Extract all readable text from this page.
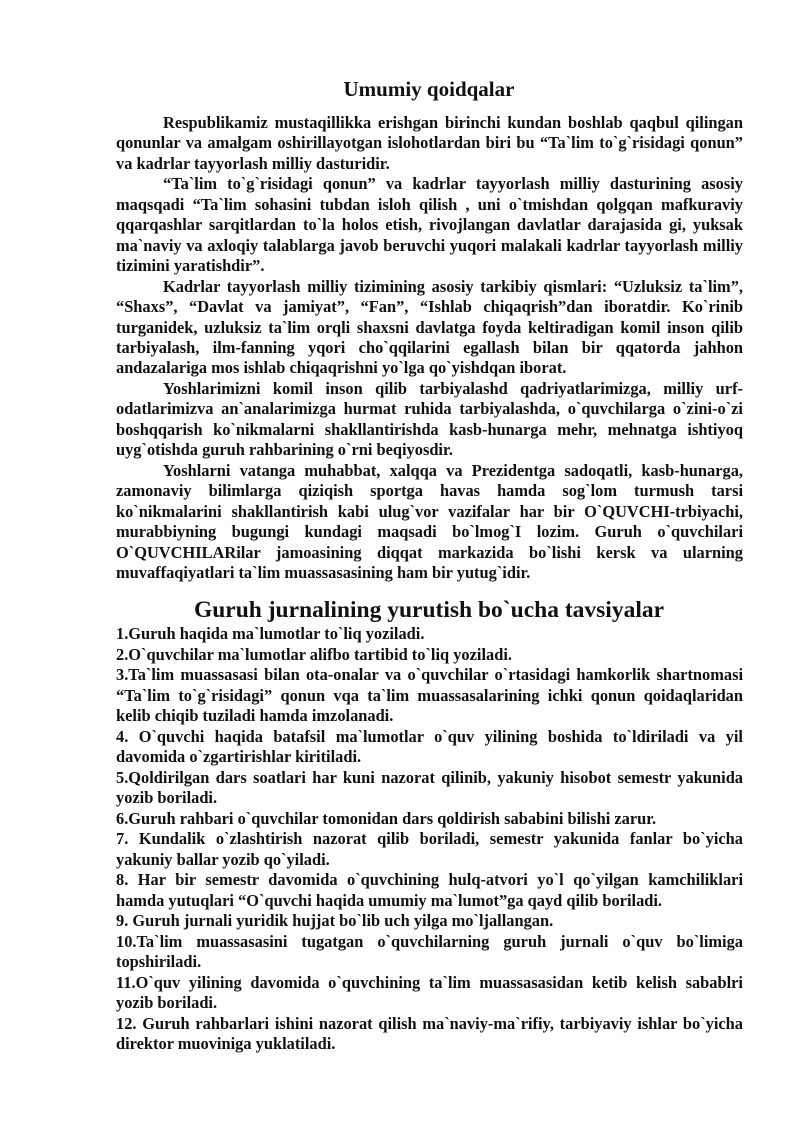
Umumiy qoidqalar

Respublikamiz mustaqillikka erishgan birinchi kundan boshlab qaqbul qilingan qonunlar va amalgam oshirillayotgan islohotlardan biri bu “Ta`lim to`g`risidagi qonun” va kadrlar tayyorlash milliy dasturidir.

“Ta`lim to`g`risidagi qonun” va kadrlar tayyorlash milliy dasturining asosiy maqsqadi “Ta`lim sohasini tubdan isloh qilish , uni o`tmishdan qolgqan mafkuraviy qqarqashlar sarqitlardan to`la holos etish, rivojlangan davlatlar darajasida gi, yuksak ma`naviy va axloqiy talablarga javob beruvchi yuqori malakali kadrlar tayyorlash milliy tizimini yaratishdir”.

Kadrlar tayyorlash milliy tizimining asosiy tarkibiy qismlari: “Uzluksiz ta`lim”, “Shaxs”, “Davlat va jamiyat”, “Fan”, “Ishlab chiqaqrish”dan iboratdir. Ko`rinib turganidek, uzluksiz ta`lim orqli shaxsni davlatga foyda keltiradigan komil inson qilib tarbiyalash, ilm-fanning yqori cho`qqilarini egallash bilan bir qqatorda jahhon andazalariga mos ishlab chiqaqrishni yo`lga qo`yishdqan iborat.

Yoshlarimizni komil inson qilib tarbiyalashd qadriyatlarimizga, milliy urf-odatlarimizva an`analarimizga hurmat ruhida tarbiyalashda, o`quvchilarga o`zini-o`zi boshqqarish ko`nikmalarni shakllantirishda kasb-hunarga mehr, mehnatga ishtiyoq uyg`otishda guruh rahbarining o`rni beqiyosdir.

Yoshlarni vatanga muhabbat, xalqqa va Prezidentga sadoqatli, kasb-hunarga, zamonaviy bilimlarga qiziqish sportga havas hamda sog`lom turmush tarsi ko`nikmalarini shakllantirish kabi ulug`vor vazifalar har bir O`QUVCHI-trbiyachi, murabbiyning bugungi kundagi maqsadi bo`lmog`I lozim. Guruh o`quvchilari O`QUVCHILARilar jamoasining diqqat markazida bo`lishi kersk va ularning muvaffaqiyatlari ta`lim muassasasining ham bir yutug`idir.

Guruh jurnalining yurutish bo`ucha tavsiyalar

1.Guruh haqida ma`lumotlar to`liq yoziladi.

2.O`quvchilar ma`lumotlar alifbo tartibid to`liq yoziladi.

3.Ta`lim muassasasi bilan ota-onalar va o`quvchilar o`rtasidagi hamkorlik shartnomasi “Ta`lim to`g`risidagi” qonun vqa ta`lim muassasalarining ichki qonun qoidaqlaridan kelib chiqib tuziladi hamda imzolanadi.

4. O`quvchi haqida batafsil ma`lumotlar o`quv yilining boshida to`ldiriladi va yil davomida o`zgartirishlar kiritiladi.

5.Qoldirilgan dars soatlari har kuni nazorat qilinib, yakuniy hisobot semestr yakunida yozib boriladi.

6.Guruh rahbari o`quvchilar tomonidan dars qoldirish sababini bilishi zarur.

7. Kundalik o`zlashtirish nazorat qilib boriladi, semestr yakunida fanlar bo`yicha yakuniy ballar yozib qo`yiladi.

8. Har bir semestr davomida o`quvchining hulq-atvori yo`l qo`yilgan kamchiliklari hamda yutuqlari “O`quvchi haqida umumiy ma`lumot”ga qayd qilib boriladi.

9. Guruh jurnali yuridik hujjat bo`lib uch yilga mo`ljallangan.

10.Ta`lim muassasasini tugatgan o`quvchilarning guruh jurnali o`quv bo`limiga topshiriladi.

11.O`quv yilining davomida o`quvchining ta`lim muassasasidan ketib kelish sabablri yozib boriladi.

12. Guruh rahbarlari ishini nazorat qilish ma`naviy-ma`rifiy, tarbiyaviy ishlar bo`yicha direktor muoviniga yuklatiladi.
